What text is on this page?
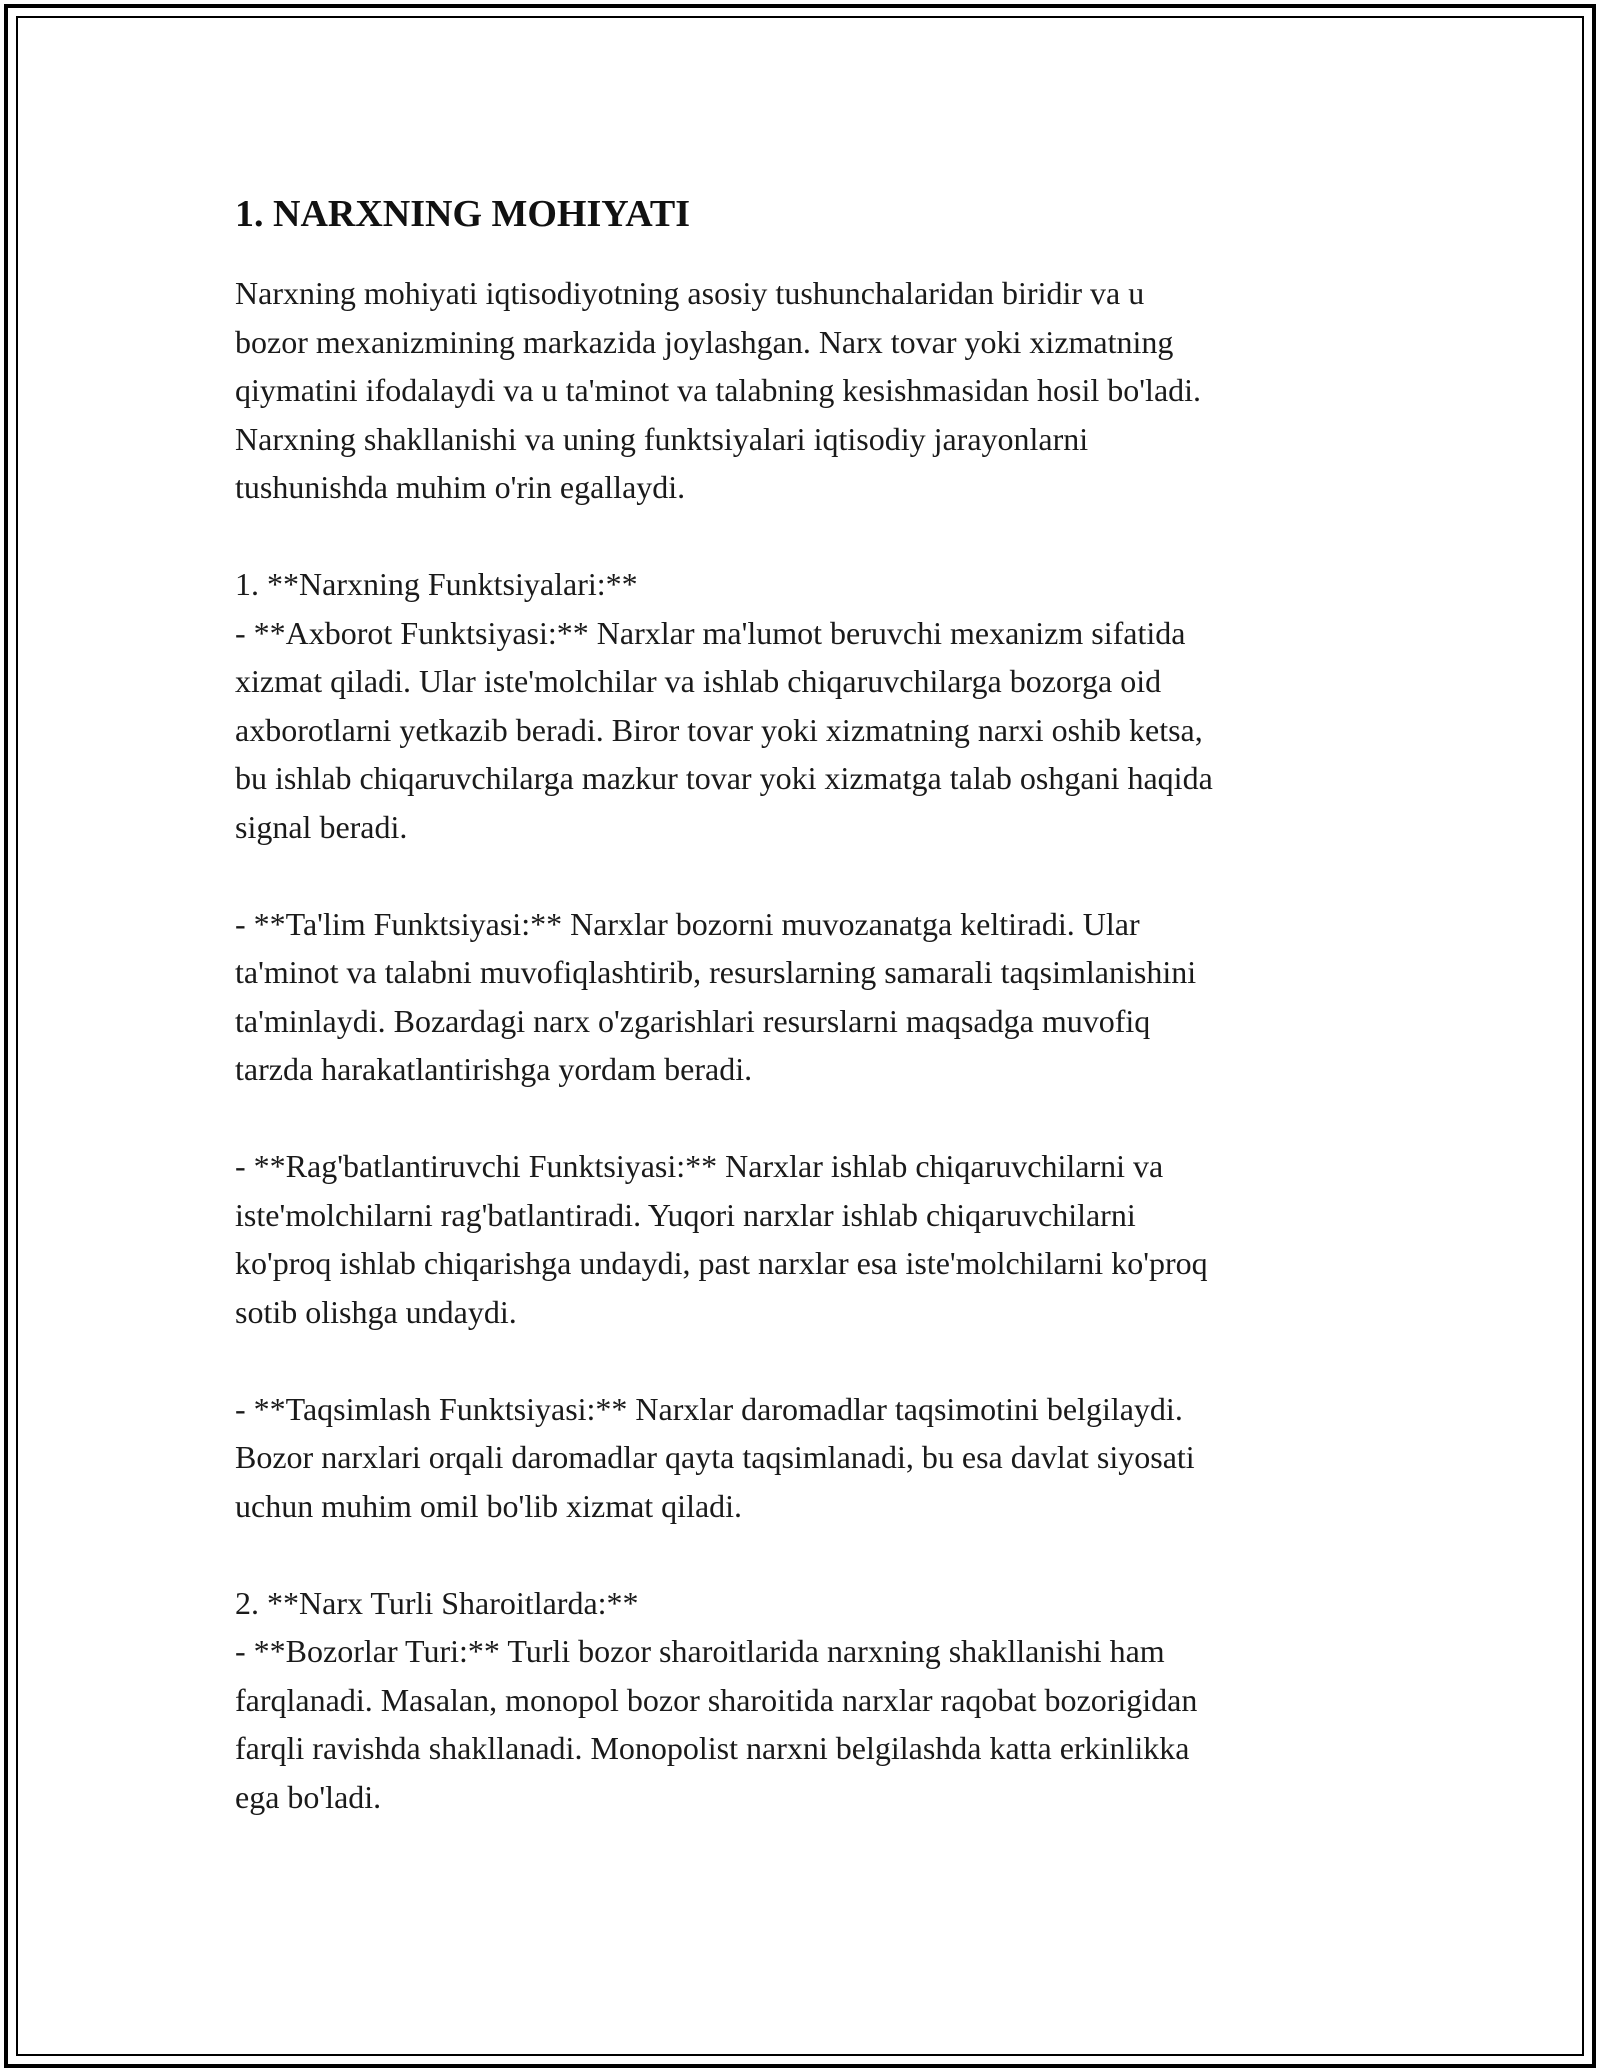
1. NARXNING MOHIYATI

Narxning mohiyati iqtisodiyotning asosiy tushunchalaridan biridir va u
bozor mexanizmining markazida joylashgan. Narx tovar yoki xizmatning
qiymatini ifodalaydi va u ta'minot va talabning kesishmasidan hosil bo'ladi.
Narxning shakllanishi va uning funktsiyalari iqtisodiy jarayonlarni
tushunishda muhim o'rin egallaydi.

1. **Narxning Funktsiyalari:**
- **Axborot Funktsiyasi:** Narxlar ma'lumot beruvchi mexanizm sifatida
xizmat qiladi. Ular iste'molchilar va ishlab chiqaruvchilarga bozorga oid
axborotlarni yetkazib beradi. Biror tovar yoki xizmatning narxi oshib ketsa,
bu ishlab chiqaruvchilarga mazkur tovar yoki xizmatga talab oshgani haqida
signal beradi.

- **Ta'lim Funktsiyasi:** Narxlar bozorni muvozanatga keltiradi. Ular
ta'minot va talabni muvofiqlashtirib, resurslarning samarali taqsimlanishini
ta'minlaydi. Bozardagi narx o'zgarishlari resurslarni maqsadga muvofiq
tarzda harakatlantirishga yordam beradi.

- **Rag'batlantiruvchi Funktsiyasi:** Narxlar ishlab chiqaruvchilarni va
iste'molchilarni rag'batlantiradi. Yuqori narxlar ishlab chiqaruvchilarni
ko'proq ishlab chiqarishga undaydi, past narxlar esa iste'molchilarni ko'proq
sotib olishga undaydi.

- **Taqsimlash Funktsiyasi:** Narxlar daromadlar taqsimotini belgilaydi.
Bozor narxlari orqali daromadlar qayta taqsimlanadi, bu esa davlat siyosati
uchun muhim omil bo'lib xizmat qiladi.

2. **Narx Turli Sharoitlarda:**
- **Bozorlar Turi:** Turli bozor sharoitlarida narxning shakllanishi ham
farqlanadi. Masalan, monopol bozor sharoitida narxlar raqobat bozorigidan
farqli ravishda shakllanadi. Monopolist narxni belgilashda katta erkinlikka
ega bo'ladi.
